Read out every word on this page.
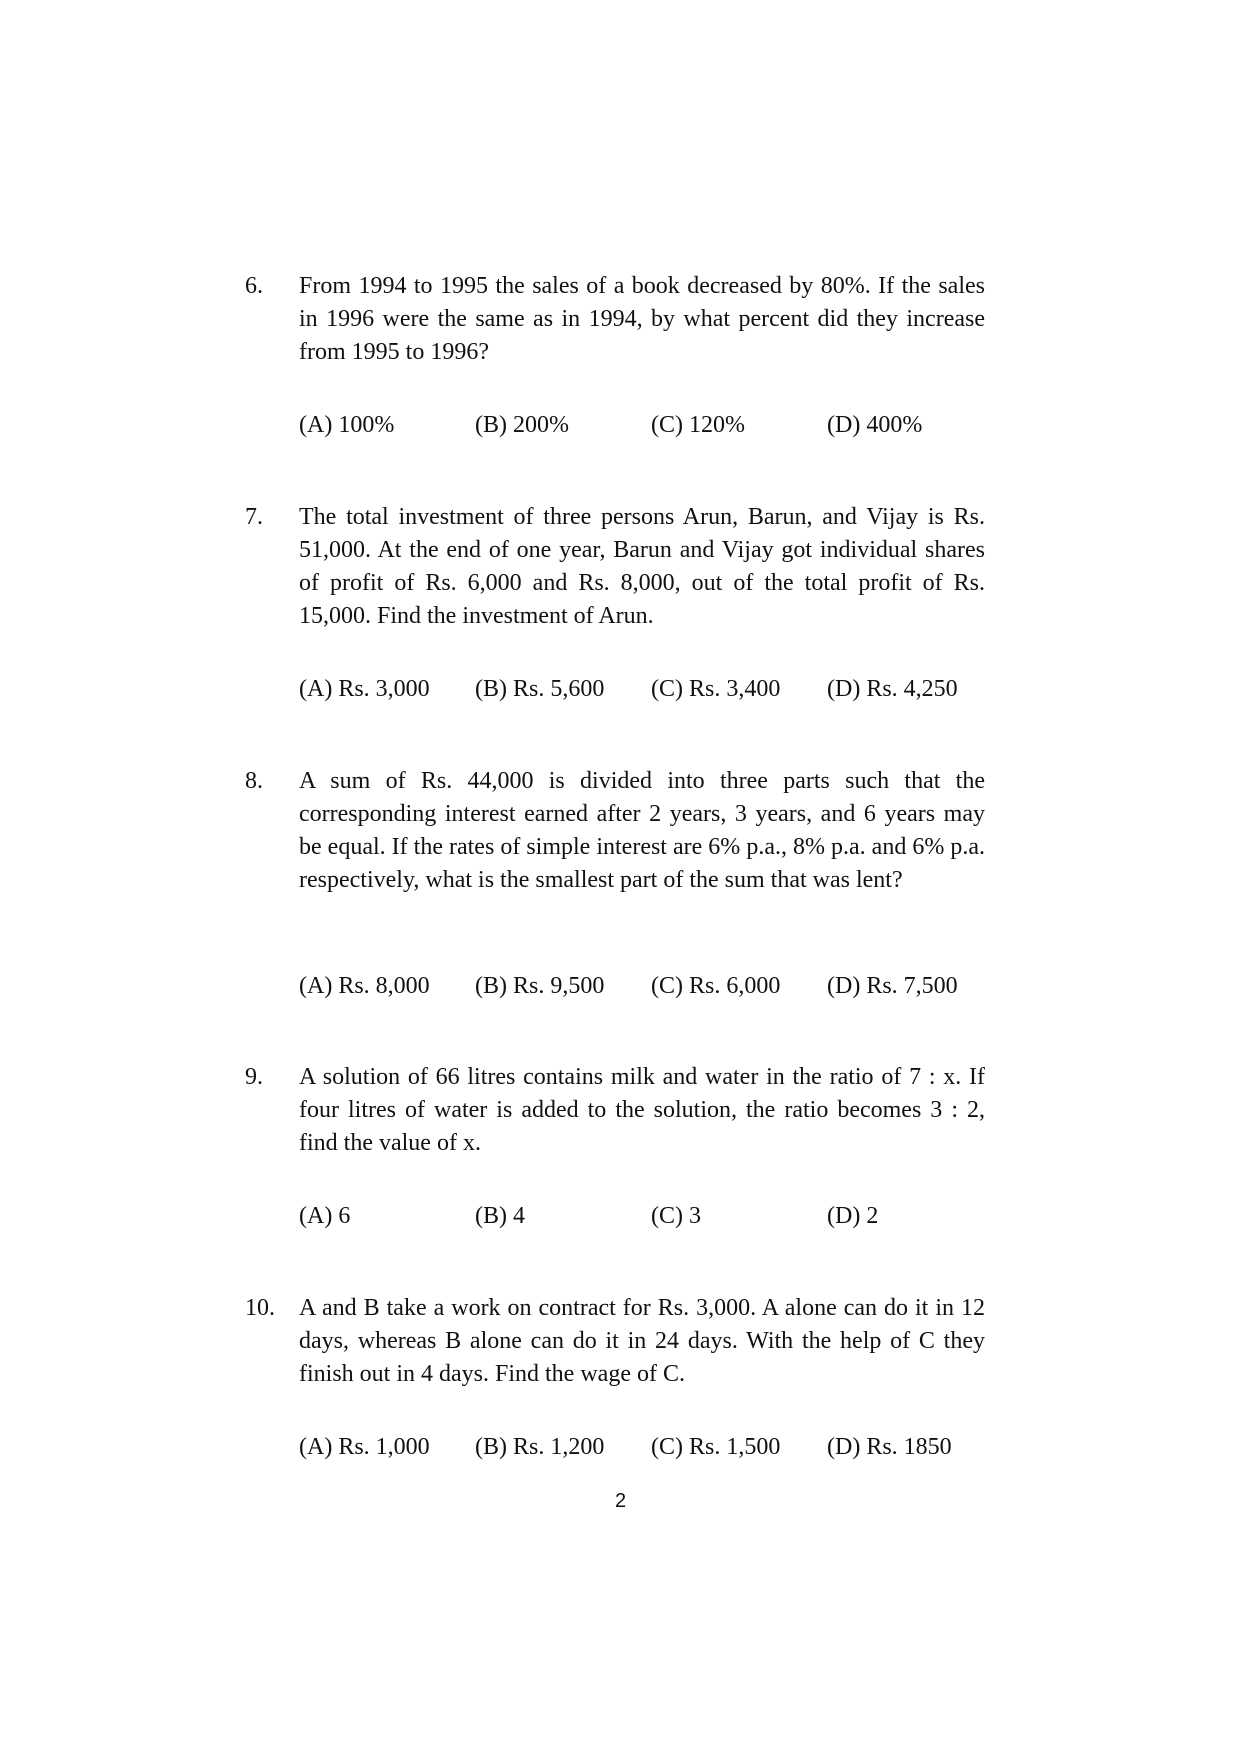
6. From 1994 to 1995 the sales of a book decreased by 80%. If the sales in 1996 were the same as in 1994, by what percent did they increase from 1995 to 1996?
(A) 100%	(B) 200%	(C) 120%	(D) 400%
7. The total investment of three persons Arun, Barun, and Vijay is Rs. 51,000. At the end of one year, Barun and Vijay got individual shares of profit of Rs. 6,000 and Rs. 8,000, out of the total profit of Rs. 15,000. Find the investment of Arun.
(A) Rs. 3,000 (B) Rs. 5,600 (C) Rs. 3,400 (D) Rs. 4,250
8. A sum of Rs. 44,000 is divided into three parts such that the corresponding interest earned after 2 years, 3 years, and 6 years may be equal. If the rates of simple interest are 6% p.a., 8% p.a. and 6% p.a. respectively, what is the smallest part of the sum that was lent?
(A) Rs. 8,000 (B) Rs. 9,500 (C) Rs. 6,000 (D) Rs. 7,500
9. A solution of 66 litres contains milk and water in the ratio of 7 : x. If four litres of water is added to the solution, the ratio becomes 3 : 2, find the value of x.
(A) 6	(B) 4	(C) 3	(D) 2
10. A and B take a work on contract for Rs. 3,000. A alone can do it in 12 days, whereas B alone can do it in 24 days. With the help of C they finish out in 4 days. Find the wage of C.
(A) Rs. 1,000 (B) Rs. 1,200 (C) Rs. 1,500 (D) Rs. 1850
2
